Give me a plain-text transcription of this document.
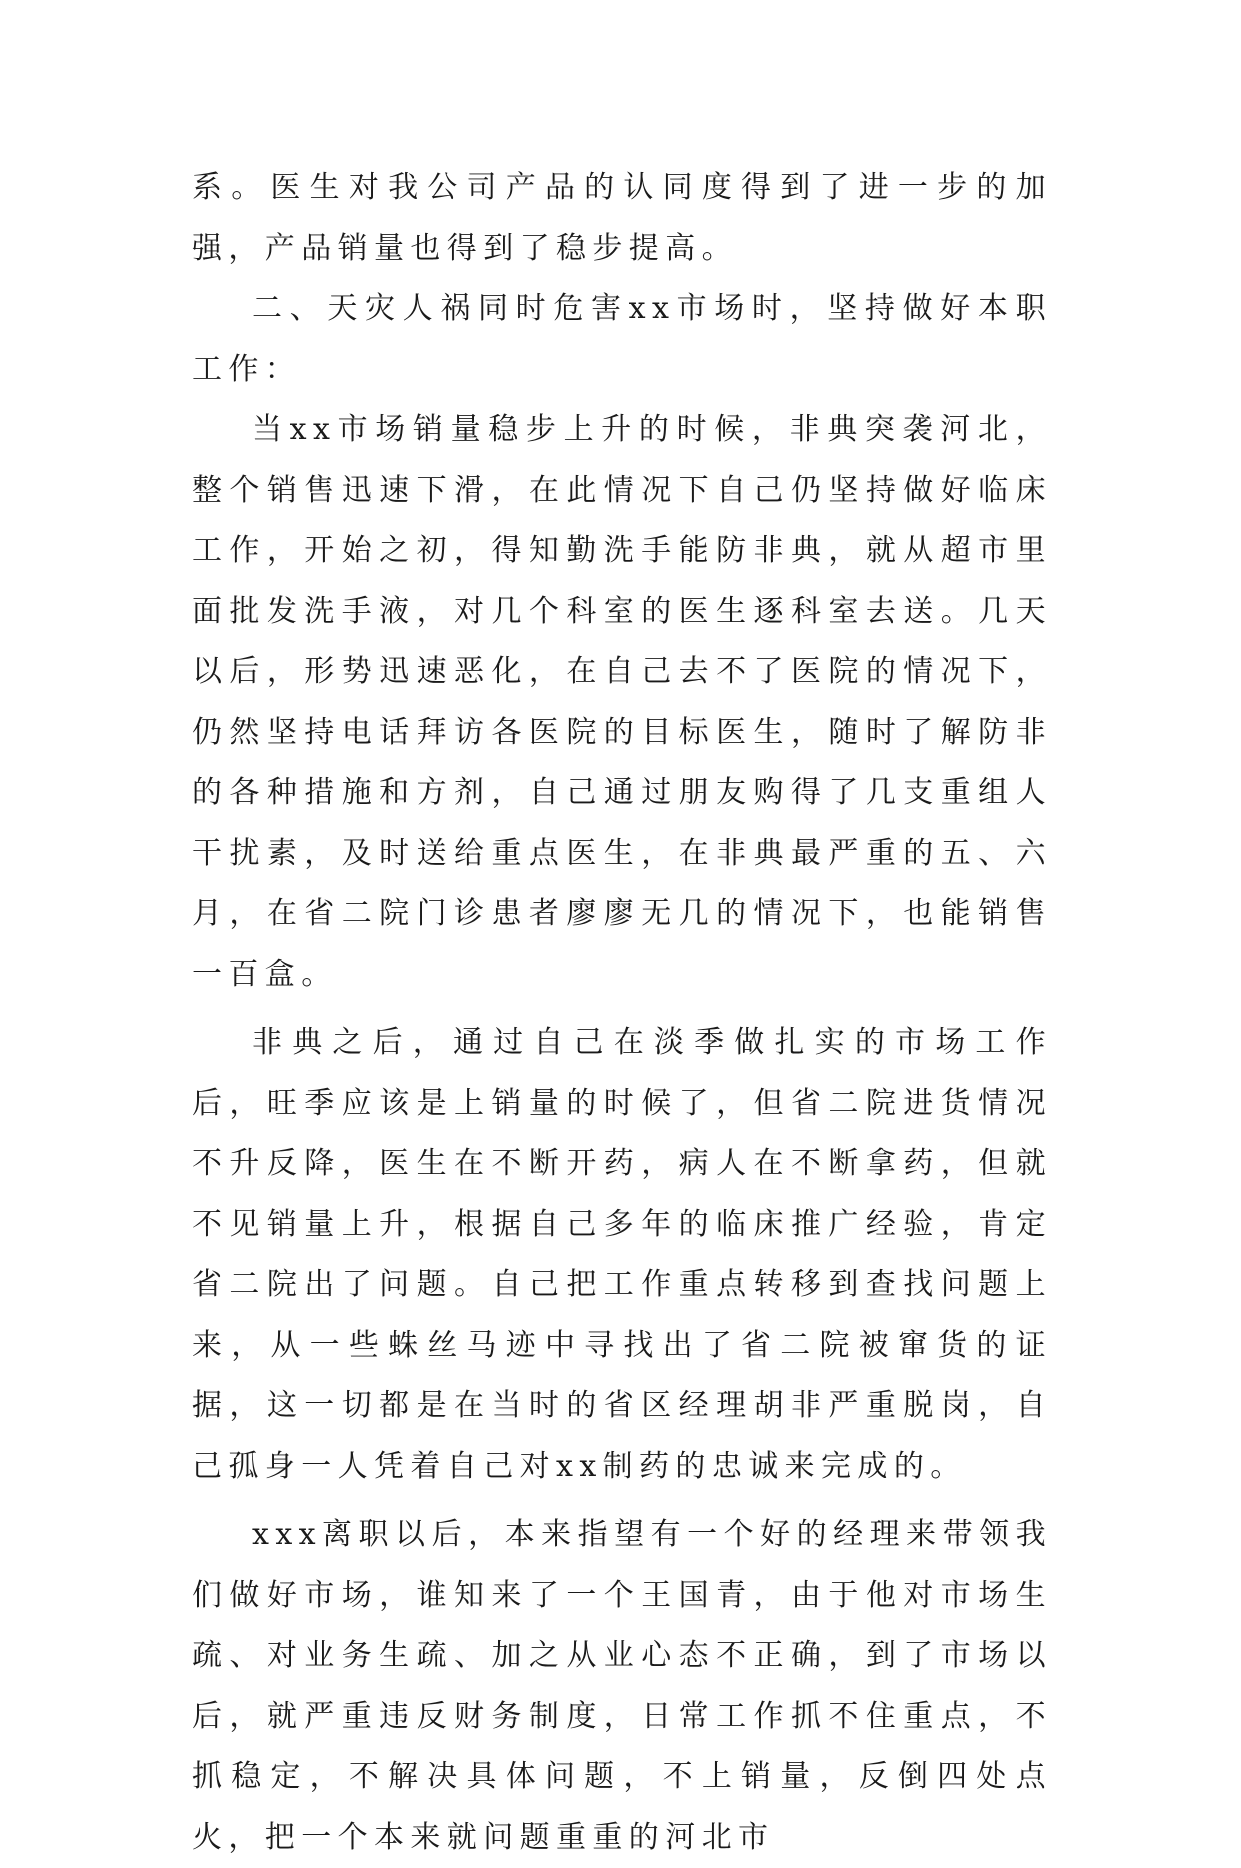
系。医生对我公司产品的认同度得到了进一步的加强，产品销量也得到了稳步提高。

二、天灾人祸同时危害xx市场时，坚持做好本职工作：

当xx市场销量稳步上升的时候，非典突袭河北，整个销售迅速下滑，在此情况下自己仍坚持做好临床工作，开始之初，得知勤洗手能防非典，就从超市里面批发洗手液，对几个科室的医生逐科室去送。几天以后，形势迅速恶化，在自己去不了医院的情况下，仍然坚持电话拜访各医院的目标医生，随时了解防非的各种措施和方剂，自己通过朋友购得了几支重组人干扰素，及时送给重点医生，在非典最严重的五、六月，在省二院门诊患者廖廖无几的情况下，也能销售一百盒。

非典之后，通过自己在淡季做扎实的市场工作后，旺季应该是上销量的时候了，但省二院进货情况不升反降，医生在不断开药，病人在不断拿药，但就不见销量上升，根据自己多年的临床推广经验，肯定省二院出了问题。自己把工作重点转移到查找问题上来，从一些蛛丝马迹中寻找出了省二院被窜货的证据，这一切都是在当时的省区经理胡非严重脱岗，自己孤身一人凭着自己对xx制药的忠诚来完成的。

xxx离职以后，本来指望有一个好的经理来带领我们做好市场，谁知来了一个王国青，由于他对市场生疏、对业务生疏、加之从业心态不正确，到了市场以后，就严重违反财务制度，日常工作抓不住重点，不抓稳定，不解决具体问题，不上销量，反倒四处点火，把一个本来就问题重重的河北市
